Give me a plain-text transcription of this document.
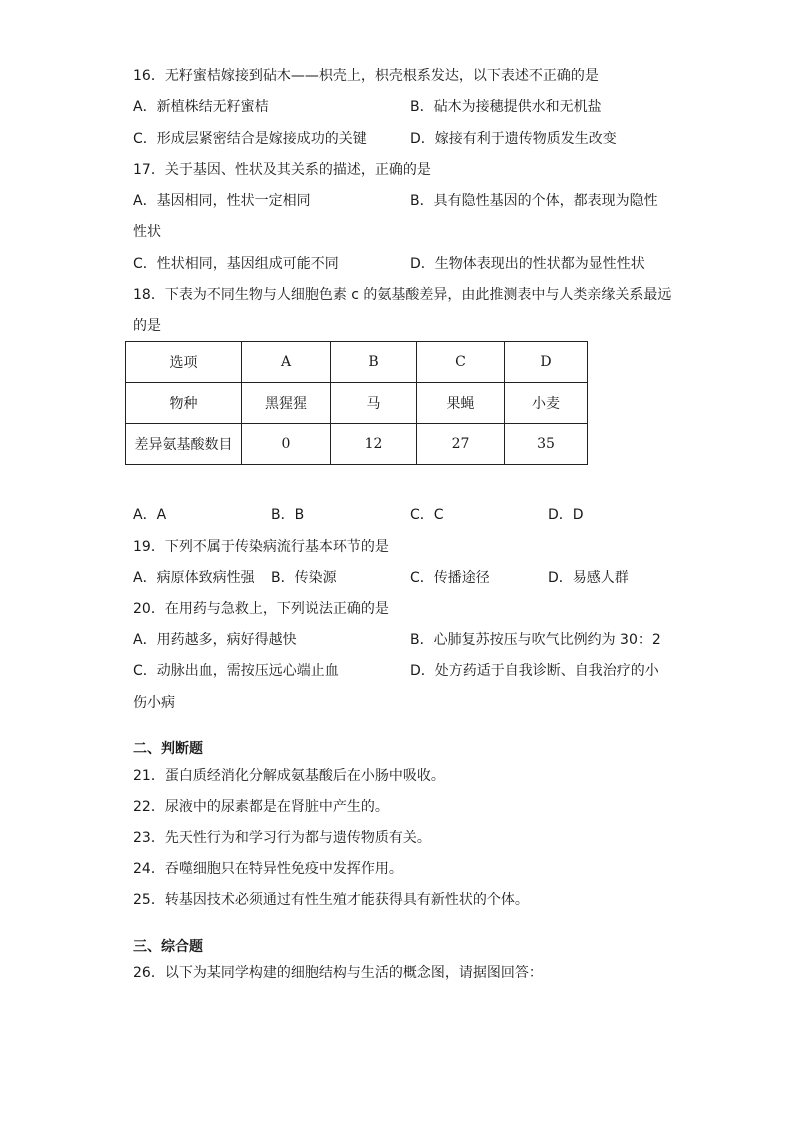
16．无籽蜜桔嫁接到砧木——枳壳上，枳壳根系发达，以下表述不正确的是
A．新植株结无籽蜜桔	B．砧木为接穗提供水和无机盐
C．形成层紧密结合是嫁接成功的关键	D．嫁接有利于遗传物质发生改变
17．关于基因、性状及其关系的描述，正确的是
A．基因相同，性状一定相同	B．具有隐性基因的个体，都表现为隐性
性状
C．性状相同，基因组成可能不同	D．生物体表现出的性状都为显性性状
18．下表为不同生物与人细胞色素 c 的氨基酸差异，由此推测表中与人类亲缘关系最远
的是
选项	A	B	C	D
物种	黑猩猩	马	果蝇	小麦
差异氨基酸数目	0	12	27	35
A．A	B．B	C．C	D．D
19．下列不属于传染病流行基本环节的是
A．病原体致病性强 B．传染源	C．传播途径	D．易感人群
20．在用药与急救上，下列说法正确的是
A．用药越多，病好得越快	B．心肺复苏按压与吹气比例约为 30：2
C．动脉出血，需按压远心端止血	D．处方药适于自我诊断、自我治疗的小
伤小病
二、判断题
21．蛋白质经消化分解成氨基酸后在小肠中吸收。
22．尿液中的尿素都是在肾脏中产生的。
23．先天性行为和学习行为都与遗传物质有关。
24．吞噬细胞只在特异性免疫中发挥作用。
25．转基因技术必须通过有性生殖才能获得具有新性状的个体。
三、综合题
26．以下为某同学构建的细胞结构与生活的概念图，请据图回答：
